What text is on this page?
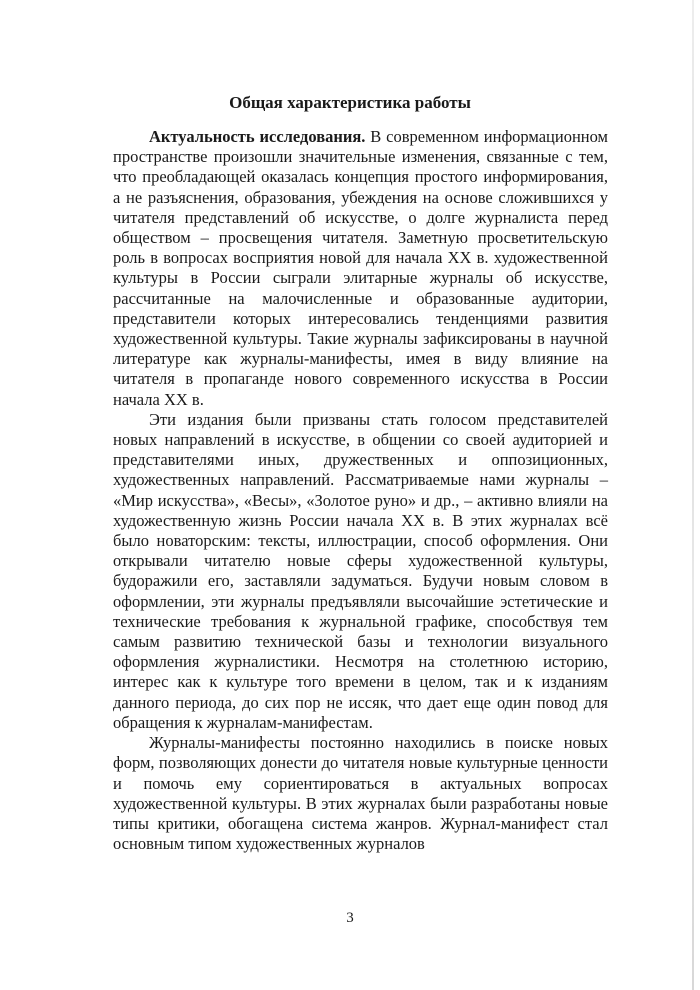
Общая характеристика работы

Актуальность исследования. В современном информационном пространстве произошли значительные изменения, связанные с тем, что преобладающей оказалась концепция простого информирования, а не разъяснения, образования, убеждения на основе сложившихся у читателя представлений об искусстве, о долге журналиста перед обществом – просвещения читателя. Заметную просветительскую роль в вопросах восприятия новой для начала XX в. художественной культуры в России сыграли элитарные журналы об искусстве, рассчитанные на малочисленные и образованные аудитории, представители которых интересовались тенденциями развития художественной культуры. Такие журналы зафиксированы в научной литературе как журналы-манифесты, имея в виду влияние на читателя в пропаганде нового современного искусства в России начала XX в.

Эти издания были призваны стать голосом представителей новых направлений в искусстве, в общении со своей аудиторией и представителями иных, дружественных и оппозиционных, художественных направлений. Рассматриваемые нами журналы – «Мир искусства», «Весы», «Золотое руно» и др., – активно влияли на художественную жизнь России начала XX в. В этих журналах всё было новаторским: тексты, иллюстрации, способ оформления. Они открывали читателю новые сферы художественной культуры, будоражили его, заставляли задуматься. Будучи новым словом в оформлении, эти журналы предъявляли высочайшие эстетические и технические требования к журнальной графике, способствуя тем самым развитию технической базы и технологии визуального оформления журналистики. Несмотря на столетнюю историю, интерес как к культуре того времени в целом, так и к изданиям данного периода, до сих пор не иссяк, что дает еще один повод для обращения к журналам-манифестам.

Журналы-манифесты постоянно находились в поиске новых форм, позволяющих донести до читателя новые культурные ценности и помочь ему сориентироваться в актуальных вопросах художественной культуры. В этих журналах были разработаны новые типы критики, обогащена система жанров. Журнал-манифест стал основным типом художественных журналов

3
